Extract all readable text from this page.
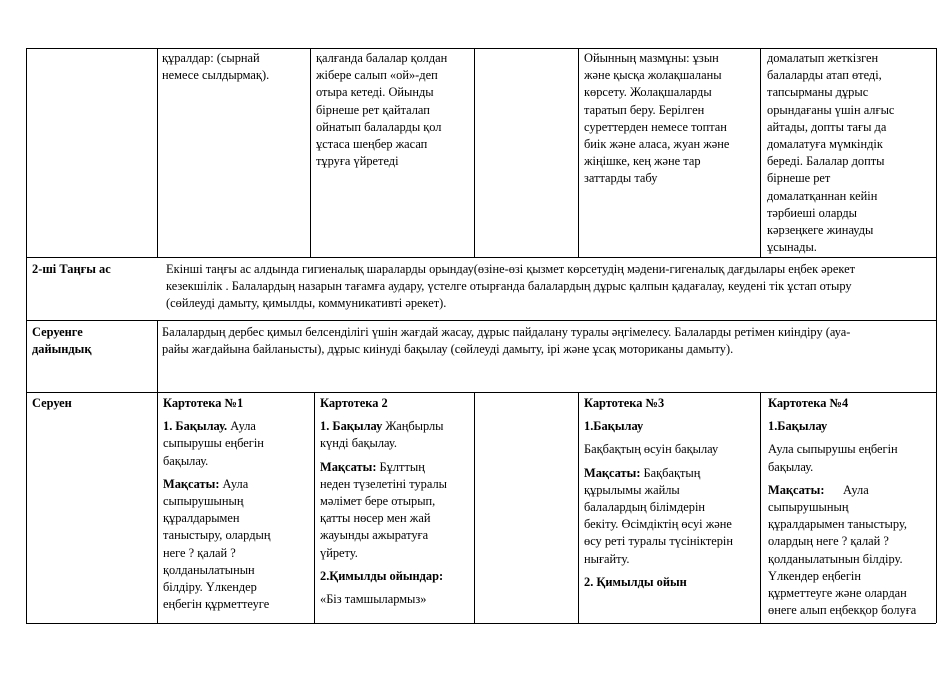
құралдар: (сырнай

немесе сылдырмақ).

қалғанда балалар қолдан

жібере салып «ой»-деп

отыра кетеді. Ойынды

бірнеше рет қайталап

ойнатып балаларды қол

ұстаса шеңбер жасап

тұруға үйретеді

Ойынның мазмұны: ұзын

және қысқа жолақшаланы

көрсету. Жолақшаларды

таратып беру. Берілген

суреттерден немесе топтан

биік және аласа, жуан және

жіңішке, кең және тар

заттарды табу

домалатып жеткізген

балаларды атап өтеді,

тапсырманы дұрыс

орындағаны үшін алғыс

айтады, допты тағы да

домалатуға мүмкіндік

береді. Балалар допты

бірнеше рет

домалатқаннан кейін

тәрбиеші оларды

кәрзеңкеге жинауды

ұсынады.

2-ші Таңғы ас	Екінші таңғы ас алдында гигиеналық шараларды орындау(өзіне-өзі қызмет көрсетудің мәдени-гигеналық дағдылары еңбек әрекет

кезекшілік . Балалардың назарын тағамға аудару, үстелге отырғанда балалардың дұрыс қалпын қадағалау, кеудені тік ұстап отыру

(сөйлеуді дамыту, қимылды, коммуникативті әрекет).

Серуенге

дайындық

Балалардың дербес қимыл белсенділігі үшін жағдай жасау, дұрыс пайдалану туралы әңгімелесу. Балаларды ретімен киіндіру (ауа-

райы жағдайына байланысты), дұрыс киінуді бақылау (сөйлеуді дамыту, ірі және ұсақ моториканы дамыту).

Серуен	Картотека №1

1. Бақылау. Аула

сыпырушы еңбегін

бақылау.

Мақсаты: Аула

сыпырушының

құралдарымен

таныстыру, олардың

неге ? қалай ?

қолданылатынын

білдіру. Үлкендер

еңбегін құрметтеуге

Картотека 2

1. Бақылау Жаңбырлы

күнді бақылау.

Мақсаты: Бұлттың

неден түзелетіні туралы

мәлімет бере отырып,

қатты нөсер мен жай

жауынды ажыратуға

үйрету.

2.Қимылды ойындар:

«Біз тамшылармыз»

Картотека №3

1.Бақылау

Бақбақтың өсуін бақылау

Мақсаты: Бақбақтың

құрылымы жайлы

балалардың білімдерін

бекіту. Өсімдіктің өсуі және

өсу реті туралы түсініктерін

нығайту.

2. Қимылды ойын

Картотека №4

1.Бақылау

Аула сыпырушы еңбегін

бақылау.

Мақсаты:      Аула

сыпырушының

құралдарымен таныстыру,

олардың неге ? қалай ?

қолданылатынын білдіру.

Үлкендер еңбегін

құрметтеуге және олардан

өнеге алып еңбекқор болуға
